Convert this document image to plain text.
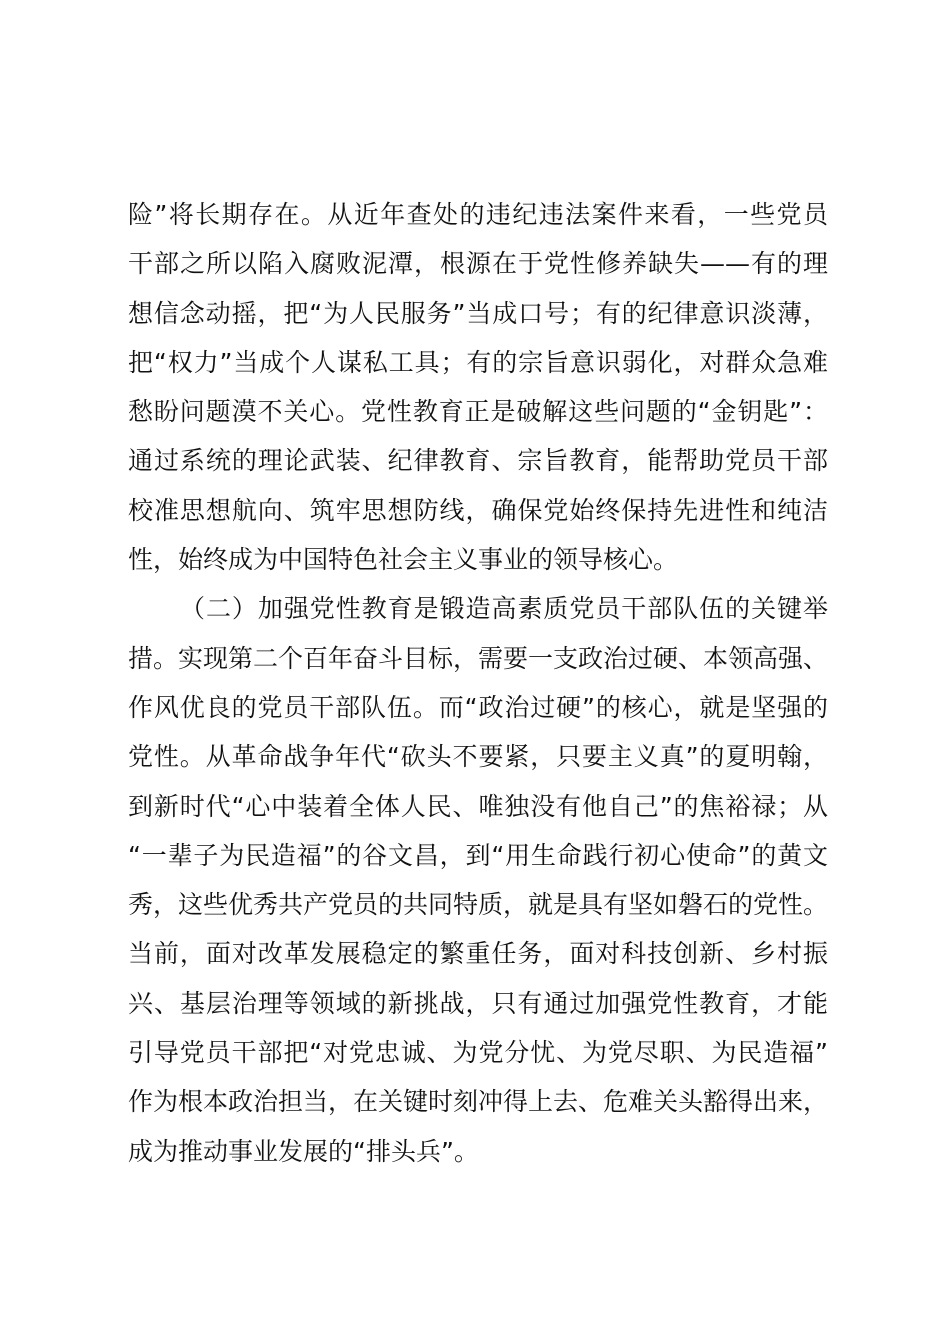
险”将长期存在。从近年查处的违纪违法案件来看，一些党员
干部之所以陷入腐败泥潭，根源在于党性修养缺失——有的理
想信念动摇，把“为人民服务”当成口号；有的纪律意识淡薄，
把“权力”当成个人谋私工具；有的宗旨意识弱化，对群众急难
愁盼问题漠不关心。党性教育正是破解这些问题的“金钥匙”：
通过系统的理论武装、纪律教育、宗旨教育，能帮助党员干部
校准思想航向、筑牢思想防线，确保党始终保持先进性和纯洁
性，始终成为中国特色社会主义事业的领导核心。
（二）加强党性教育是锻造高素质党员干部队伍的关键举
措。实现第二个百年奋斗目标，需要一支政治过硬、本领高强、
作风优良的党员干部队伍。而“政治过硬”的核心，就是坚强的
党性。从革命战争年代“砍头不要紧，只要主义真”的夏明翰，
到新时代“心中装着全体人民、唯独没有他自己”的焦裕禄；从
“一辈子为民造福”的谷文昌，到“用生命践行初心使命”的黄文
秀，这些优秀共产党员的共同特质，就是具有坚如磐石的党性。
当前，面对改革发展稳定的繁重任务，面对科技创新、乡村振
兴、基层治理等领域的新挑战，只有通过加强党性教育，才能
引导党员干部把“对党忠诚、为党分忧、为党尽职、为民造福”
作为根本政治担当，在关键时刻冲得上去、危难关头豁得出来，
成为推动事业发展的“排头兵”。
